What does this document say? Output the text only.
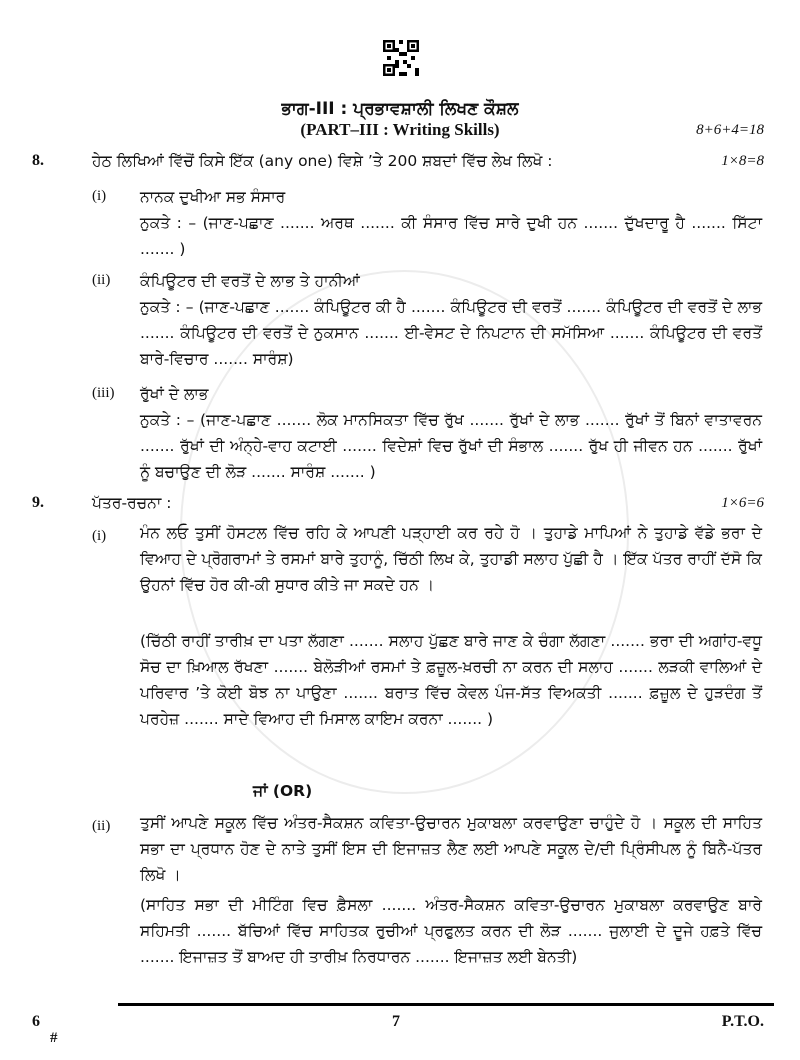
ਭਾਗ-III : ਪ੍ਰਭਾਵਸ਼ਾਲੀ ਲਿਖਣ ਕੌਸ਼ਲ
(PART–III : Writing Skills)	8+6+4=18
8.	ਹੇਠ ਲਿਖਿਆਂ ਵਿੱਚੋਂ ਕਿਸੇ ਇੱਕ (any one) ਵਿਸ਼ੇ ’ਤੇ 200 ਸ਼ਬਦਾਂ ਵਿੱਚ ਲੇਖ ਲਿਖੋ :	1×8=8
(i) ਨਾਨਕ ਦੁਖੀਆ ਸਭ ਸੰਸਾਰ
ਨੁਕਤੇ : – (ਜਾਣ-ਪਛਾਣ ....... ਅਰਥ ....... ਕੀ ਸੰਸਾਰ ਵਿੱਚ ਸਾਰੇ ਦੁਖੀ ਹਨ ....... ਦੁੱਖਦਾਰੂ ਹੈ ....... ਸਿੱਟਾ ....... )
(ii) ਕੰਪਿਊਟਰ ਦੀ ਵਰਤੋਂ ਦੇ ਲਾਭ ਤੇ ਹਾਨੀਆਂ
ਨੁਕਤੇ : – (ਜਾਣ-ਪਛਾਣ ....... ਕੰਪਿਊਟਰ ਕੀ ਹੈ ....... ਕੰਪਿਊਟਰ ਦੀ ਵਰਤੋਂ ....... ਕੰਪਿਊਟਰ ਦੀ ਵਰਤੋਂ ਦੇ ਲਾਭ ....... ਕੰਪਿਊਟਰ ਦੀ ਵਰਤੋਂ ਦੇ ਨੁਕਸਾਨ ....... ਈ-ਵੇਸਟ ਦੇ ਨਿਪਟਾਨ ਦੀ ਸਮੱਸਿਆ ....... ਕੰਪਿਊਟਰ ਦੀ ਵਰਤੋਂ ਬਾਰੇ-ਵਿਚਾਰ ....... ਸਾਰੰਸ਼)
(iii) ਰੁੱਖਾਂ ਦੇ ਲਾਭ
ਨੁਕਤੇ : – (ਜਾਣ-ਪਛਾਣ ....... ਲੋਕ ਮਾਨਸਿਕਤਾ ਵਿੱਚ ਰੁੱਖ ....... ਰੁੱਖਾਂ ਦੇ ਲਾਭ ....... ਰੁੱਖਾਂ ਤੋਂ ਬਿਨਾਂ ਵਾਤਾਵਰਨ ....... ਰੁੱਖਾਂ ਦੀ ਅੰਨ੍ਹੇ-ਵਾਹ ਕਟਾਈ ....... ਵਿਦੇਸ਼ਾਂ ਵਿਚ ਰੁੱਖਾਂ ਦੀ ਸੰਭਾਲ ....... ਰੁੱਖ ਹੀ ਜੀਵਨ ਹਨ ....... ਰੁੱਖਾਂ ਨੂੰ ਬਚਾਉਣ ਦੀ ਲੋੜ ....... ਸਾਰੰਸ਼ ....... )
9.	ਪੱਤਰ-ਰਚਨਾ :	1×6=6
(i) ਮੰਨ ਲਓ ਤੁਸੀਂ ਹੋਸਟਲ ਵਿੱਚ ਰਹਿ ਕੇ ਆਪਣੀ ਪੜ੍ਹਾਈ ਕਰ ਰਹੇ ਹੋ । ਤੁਹਾਡੇ ਮਾਪਿਆਂ ਨੇ ਤੁਹਾਡੇ ਵੱਡੇ ਭਰਾ ਦੇ ਵਿਆਹ ਦੇ ਪ੍ਰੋਗਰਾਮਾਂ ਤੇ ਰਸਮਾਂ ਬਾਰੇ ਤੁਹਾਨੂੰ, ਚਿੱਠੀ ਲਿਖ ਕੇ, ਤੁਹਾਡੀ ਸਲਾਹ ਪੁੱਛੀ ਹੈ । ਇੱਕ ਪੱਤਰ ਰਾਹੀਂ ਦੱਸੋ ਕਿ ਉਹਨਾਂ ਵਿੱਚ ਹੋਰ ਕੀ-ਕੀ ਸੁਧਾਰ ਕੀਤੇ ਜਾ ਸਕਦੇ ਹਨ ।
(ਚਿੱਠੀ ਰਾਹੀਂ ਤਾਰੀਖ਼ ਦਾ ਪਤਾ ਲੱਗਣਾ ....... ਸਲਾਹ ਪੁੱਛਣ ਬਾਰੇ ਜਾਣ ਕੇ ਚੰਗਾ ਲੱਗਣਾ ....... ਭਰਾ ਦੀ ਅਗਾਂਹ-ਵਧੂ ਸੋਚ ਦਾ ਖ਼ਿਆਲ ਰੱਖਣਾ ....... ਬੇਲੋੜੀਆਂ ਰਸਮਾਂ ਤੇ ਫ਼ਜ਼ੂਲ-ਖ਼ਰਚੀ ਨਾ ਕਰਨ ਦੀ ਸਲਾਹ ....... ਲੜਕੀ ਵਾਲਿਆਂ ਦੇ ਪਰਿਵਾਰ ’ਤੇ ਕੋਈ ਬੋਝ ਨਾ ਪਾਉਣਾ ....... ਬਰਾਤ ਵਿੱਚ ਕੇਵਲ ਪੰਜ-ਸੱਤ ਵਿਅਕਤੀ ....... ਫ਼ਜ਼ੂਲ ਦੇ ਹੁੜਦੰਗ ਤੋਂ ਪਰਹੇਜ਼ ....... ਸਾਦੇ ਵਿਆਹ ਦੀ ਮਿਸਾਲ ਕਾਇਮ ਕਰਨਾ ....... )
ਜਾਂ (OR)
(ii) ਤੁਸੀਂ ਆਪਣੇ ਸਕੂਲ ਵਿੱਚ ਅੰਤਰ-ਸੈਕਸ਼ਨ ਕਵਿਤਾ-ਉਚਾਰਨ ਮੁਕਾਬਲਾ ਕਰਵਾਉਣਾ ਚਾਹੁੰਦੇ ਹੋ । ਸਕੂਲ ਦੀ ਸਾਹਿਤ ਸਭਾ ਦਾ ਪ੍ਰਧਾਨ ਹੋਣ ਦੇ ਨਾਤੇ ਤੁਸੀਂ ਇਸ ਦੀ ਇਜਾਜ਼ਤ ਲੈਣ ਲਈ ਆਪਣੇ ਸਕੂਲ ਦੇ/ਦੀ ਪ੍ਰਿੰਸੀਪਲ ਨੂੰ ਬਿਨੈ-ਪੱਤਰ ਲਿਖੋ ।
(ਸਾਹਿਤ ਸਭਾ ਦੀ ਮੀਟਿੰਗ ਵਿਚ ਫ਼ੈਸਲਾ ....... ਅੰਤਰ-ਸੈਕਸ਼ਨ ਕਵਿਤਾ-ਉਚਾਰਨ ਮੁਕਾਬਲਾ ਕਰਵਾਉਣ ਬਾਰੇ ਸਹਿਮਤੀ ....... ਬੱਚਿਆਂ ਵਿੱਚ ਸਾਹਿਤਕ ਰੁਚੀਆਂ ਪ੍ਰਫੁਲਤ ਕਰਨ ਦੀ ਲੋੜ ....... ਜੁਲਾਈ ਦੇ ਦੂਜੇ ਹਫ਼ਤੇ ਵਿੱਚ ....... ਇਜਾਜ਼ਤ ਤੋਂ ਬਾਅਦ ਹੀ ਤਾਰੀਖ਼ ਨਿਰਧਾਰਨ ....... ਇਜਾਜ਼ਤ ਲਈ ਬੇਨਤੀ)
6
#
7	P.T.O.
